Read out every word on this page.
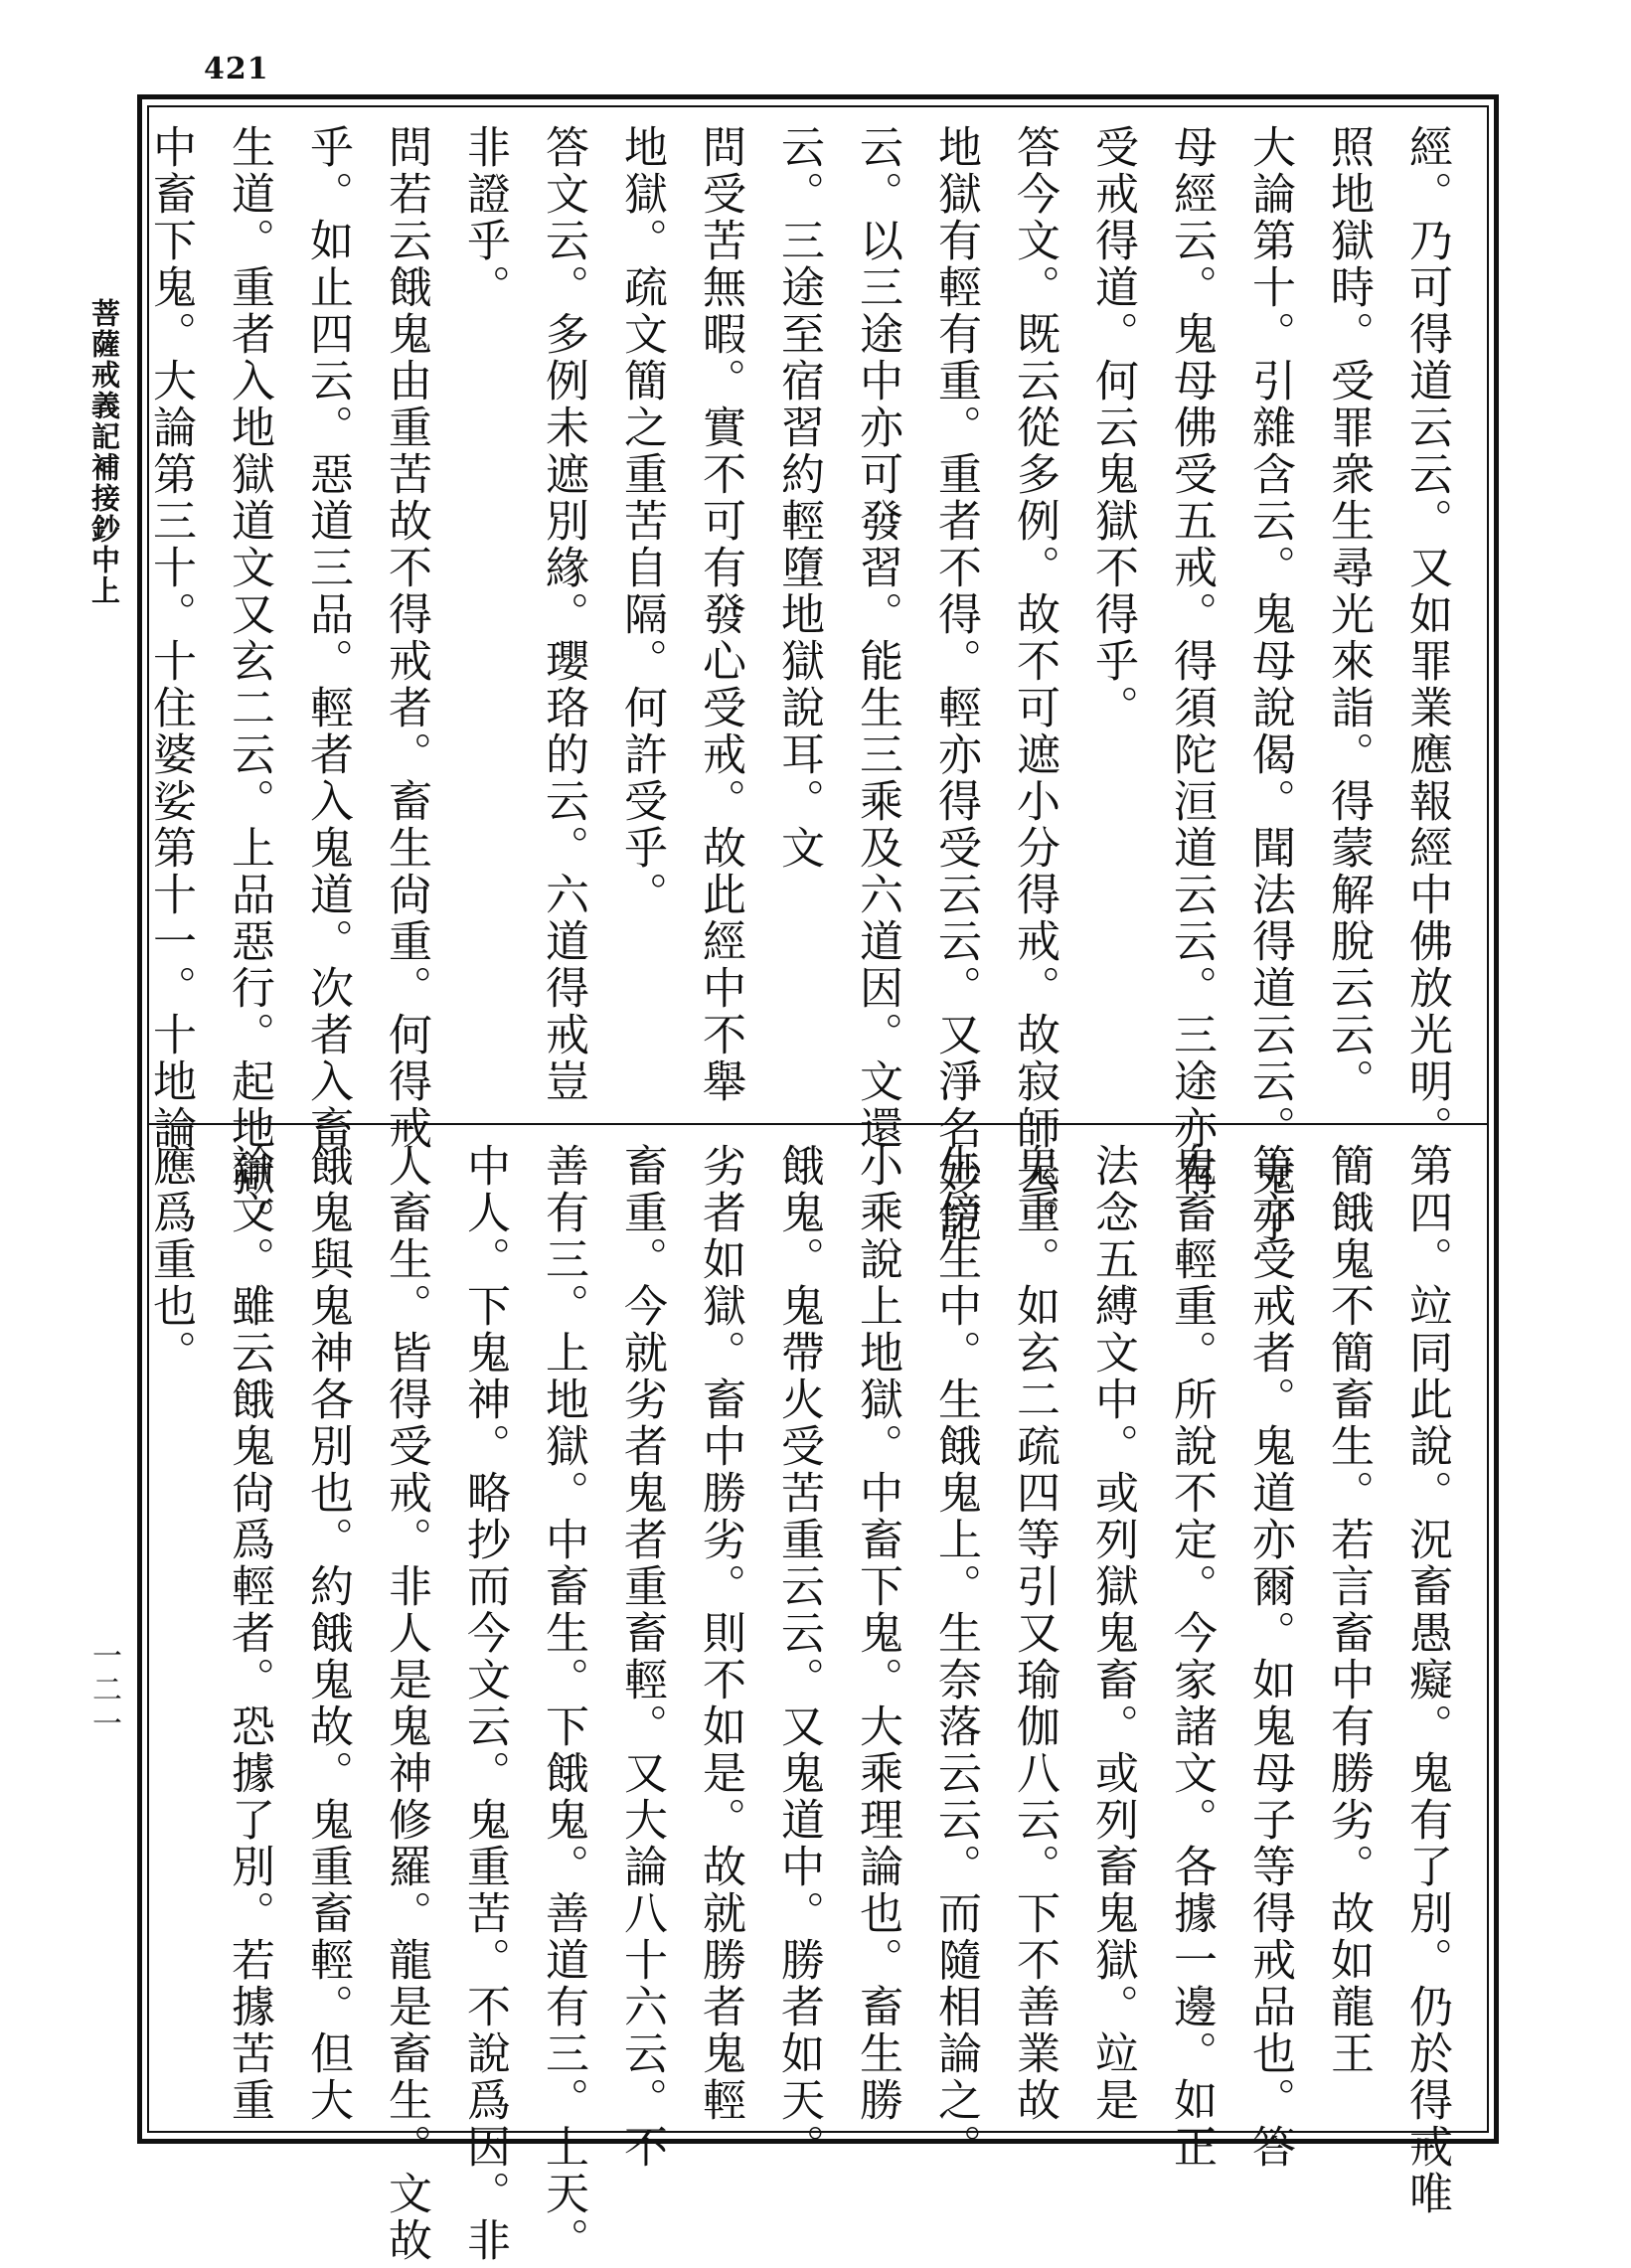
421
菩薩戒義記補接鈔中上
一二一
經。乃可得道云云。又如罪業應報經中佛放光明。
照地獄時。受罪衆生尋光來詣。得蒙解脫云云。
大論第十。引雜含云。鬼母說偈。聞法得道云云。鬼子
母經云。鬼母佛受五戒。得須陀洹道云云。三途亦有
受戒得道。何云鬼獄不得乎。
答今文。既云從多例。故不可遮小分得戒。故寂師云。
地獄有輕有重。重者不得。輕亦得受云云。又淨名妙記
云。以三途中亦可發習。能生三乘及六道因。文還
云。三途至宿習約輕墮地獄說耳。文
問受苦無暇。實不可有發心受戒。故此經中不舉
地獄。疏文簡之重苦自隔。何許受乎。
答文云。多例未遮別緣。瓔珞的云。六道得戒豈
非證乎。
問若云餓鬼由重苦故不得戒者。畜生尙重。何得戒
乎。如止四云。惡道三品。輕者入鬼道。次者入畜
生道。重者入地獄道文又玄二云。上品惡行。起地獄。
中畜下鬼。大論第三十。十住婆娑第十一。十地論
第四。竝同此說。況畜愚癡。鬼有了別。仍於得戒唯
簡餓鬼不簡畜生。若言畜中有勝劣。故如龍王
等亦受戒者。鬼道亦爾。如鬼母子等得戒品也。答
鬼畜輕重。所說不定。今家諸文。各據一邊。如正
法念五縛文中。或列獄鬼畜。或列畜鬼獄。竝是
鬼重。如玄二疏四等引又瑜伽八云。下不善業故
生傍生中。生餓鬼上。生奈落云云。而隨相論之。
小乘說上地獄。中畜下鬼。大乘理論也。畜生勝
餓鬼。鬼帶火受苦重云云。又鬼道中。勝者如天。
劣者如獄。畜中勝劣。則不如是。故就勝者鬼輕
畜重。今就劣者鬼者重畜輕。又大論八十六云。不
善有三。上地獄。中畜生。下餓鬼。善道有三。上天。
中人。下鬼神。略抄而今文云。鬼重苦。不說爲因。非
人畜生。皆得受戒。非人是鬼神修羅。龍是畜生。文故
餓鬼與鬼神各別也。約餓鬼故。鬼重畜輕。但大
論文。雖云餓鬼尙爲輕者。恐據了別。若據苦重
應爲重也。
